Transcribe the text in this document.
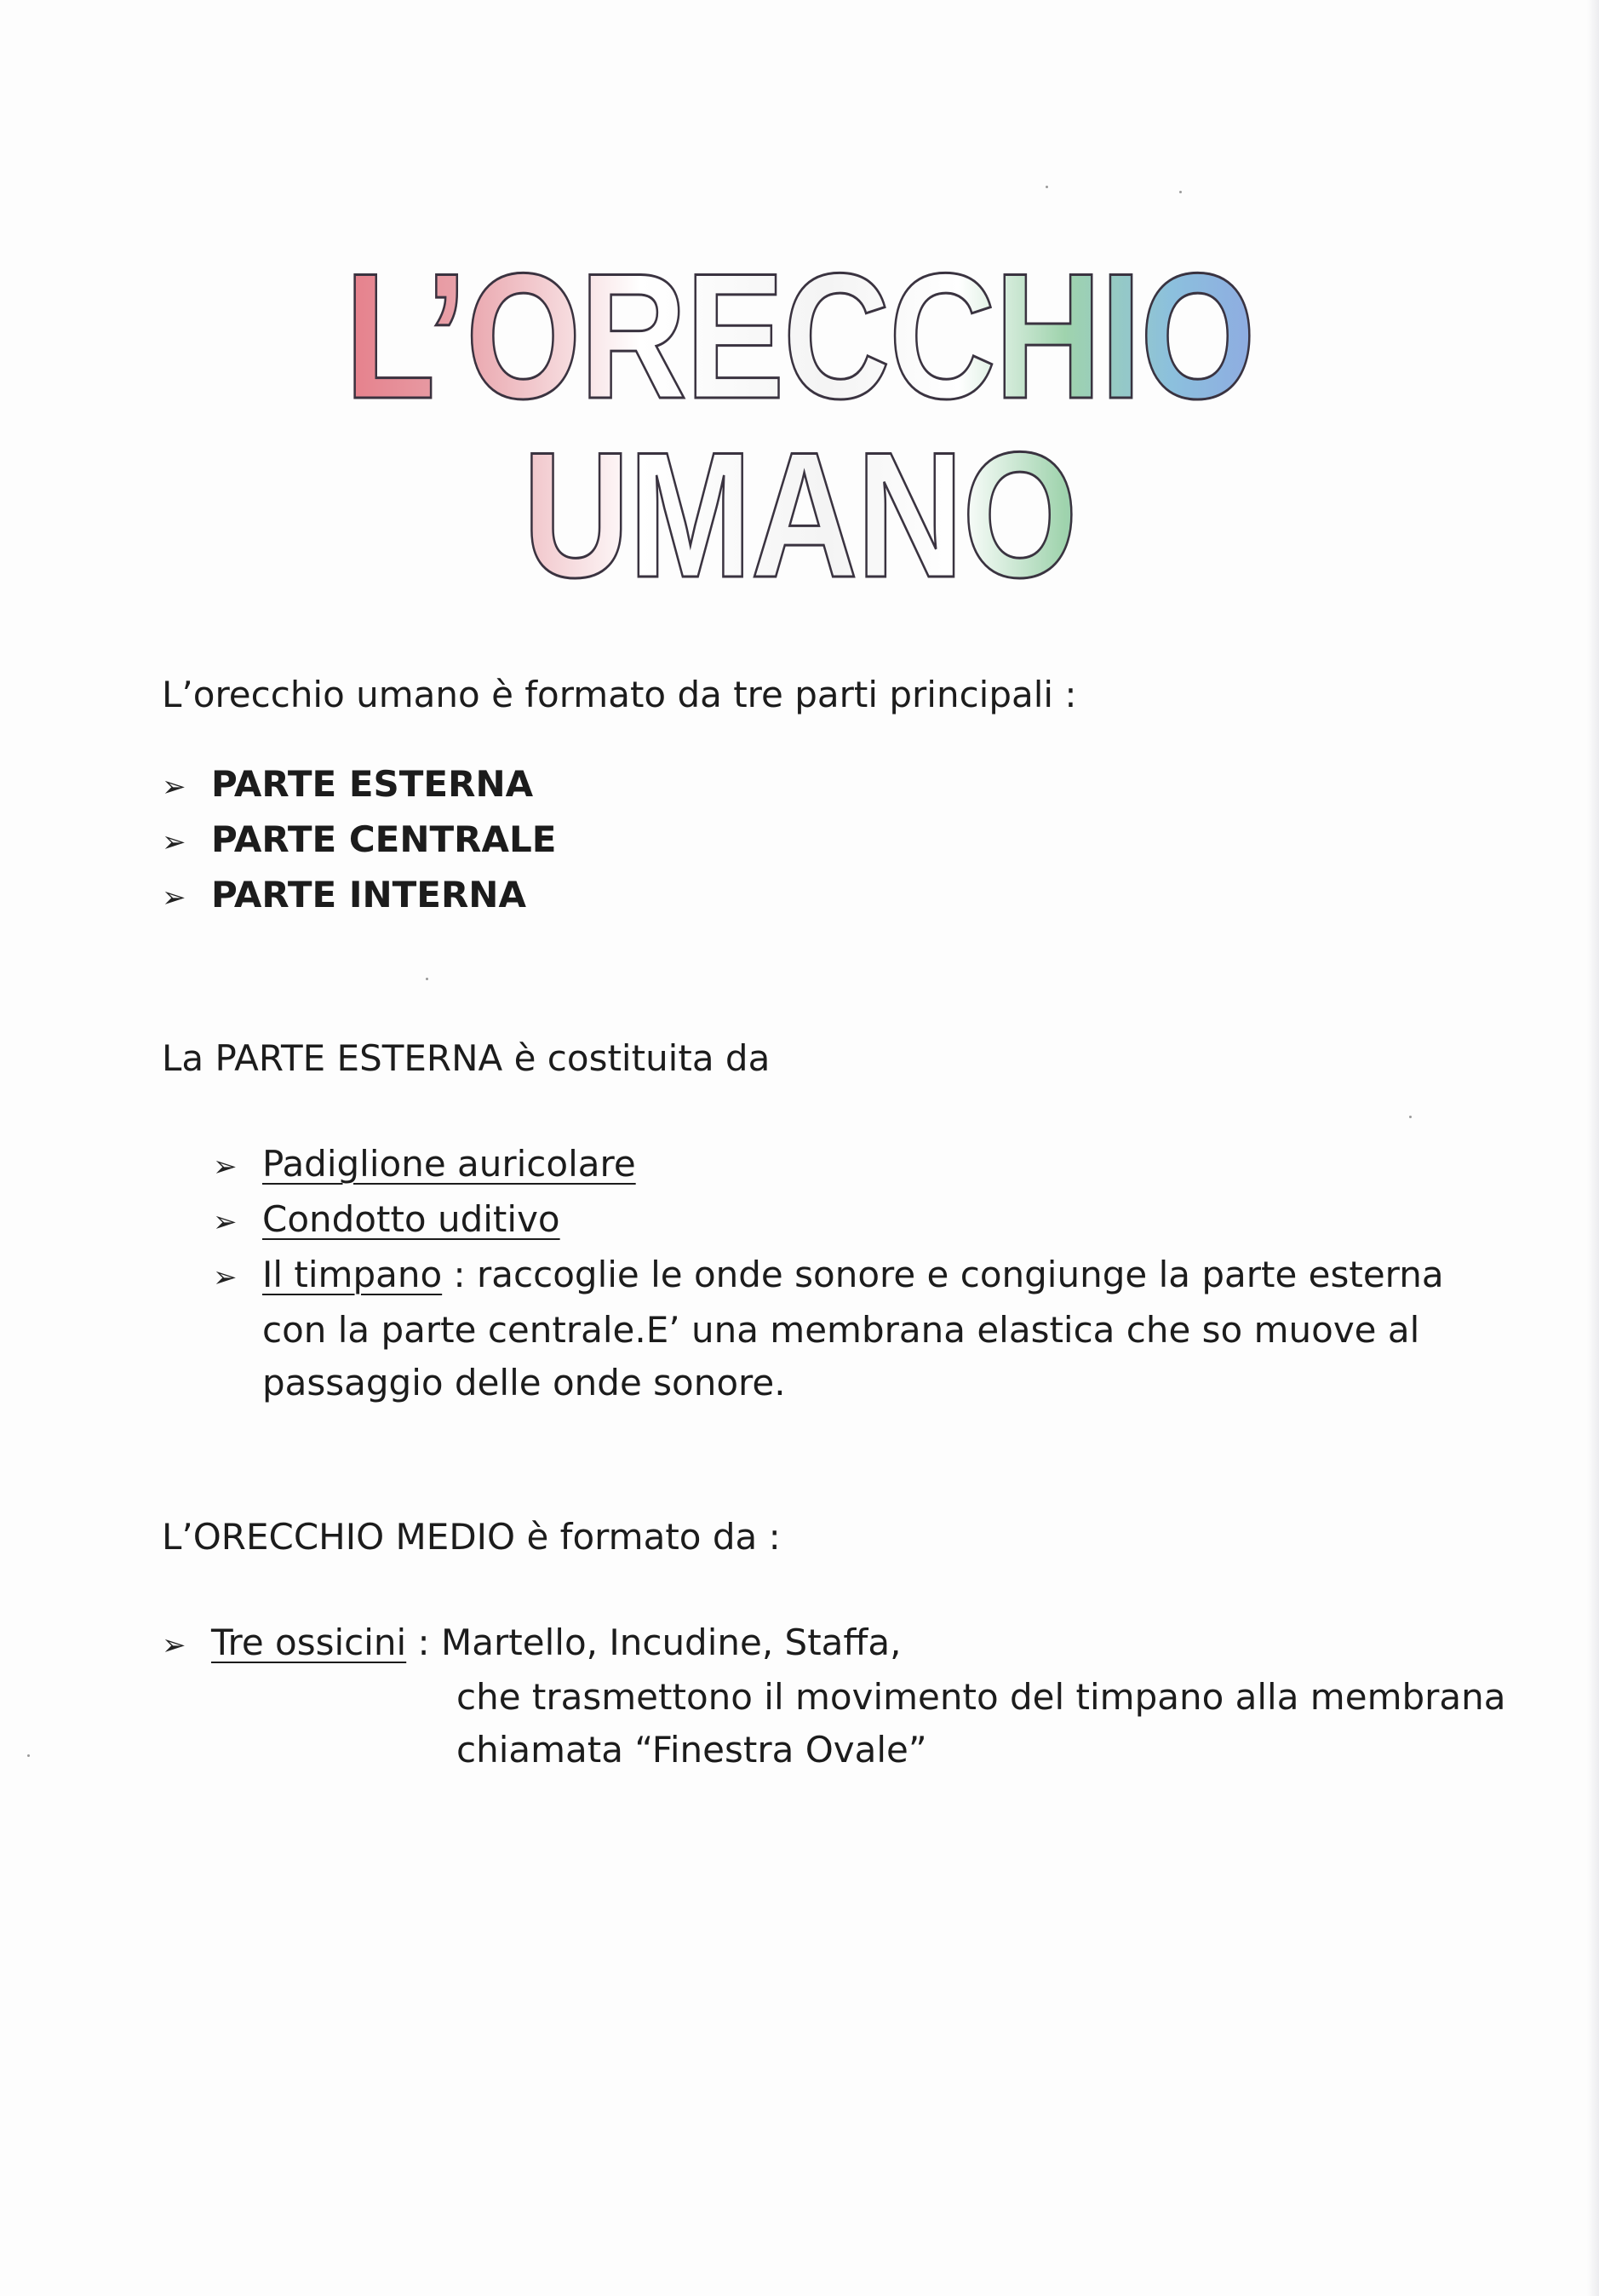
L’ORECCHIO UMANO

L’orecchio umano è formato da tre parti principali :

➢ PARTE ESTERNA
➢ PARTE CENTRALE
➢ PARTE INTERNA

La PARTE ESTERNA è costituita da

➢ Padiglione auricolare
➢ Condotto uditivo
➢ Il timpano : raccoglie le onde sonore e congiunge la parte esterna
con la parte centrale.E’ una membrana elastica che so muove al
passaggio delle onde sonore.

L’ORECCHIO MEDIO è formato da :

➢ Tre ossicini : Martello, Incudine, Staffa,

che trasmettono il movimento del timpano alla membrana

chiamata “Finestra Ovale”
